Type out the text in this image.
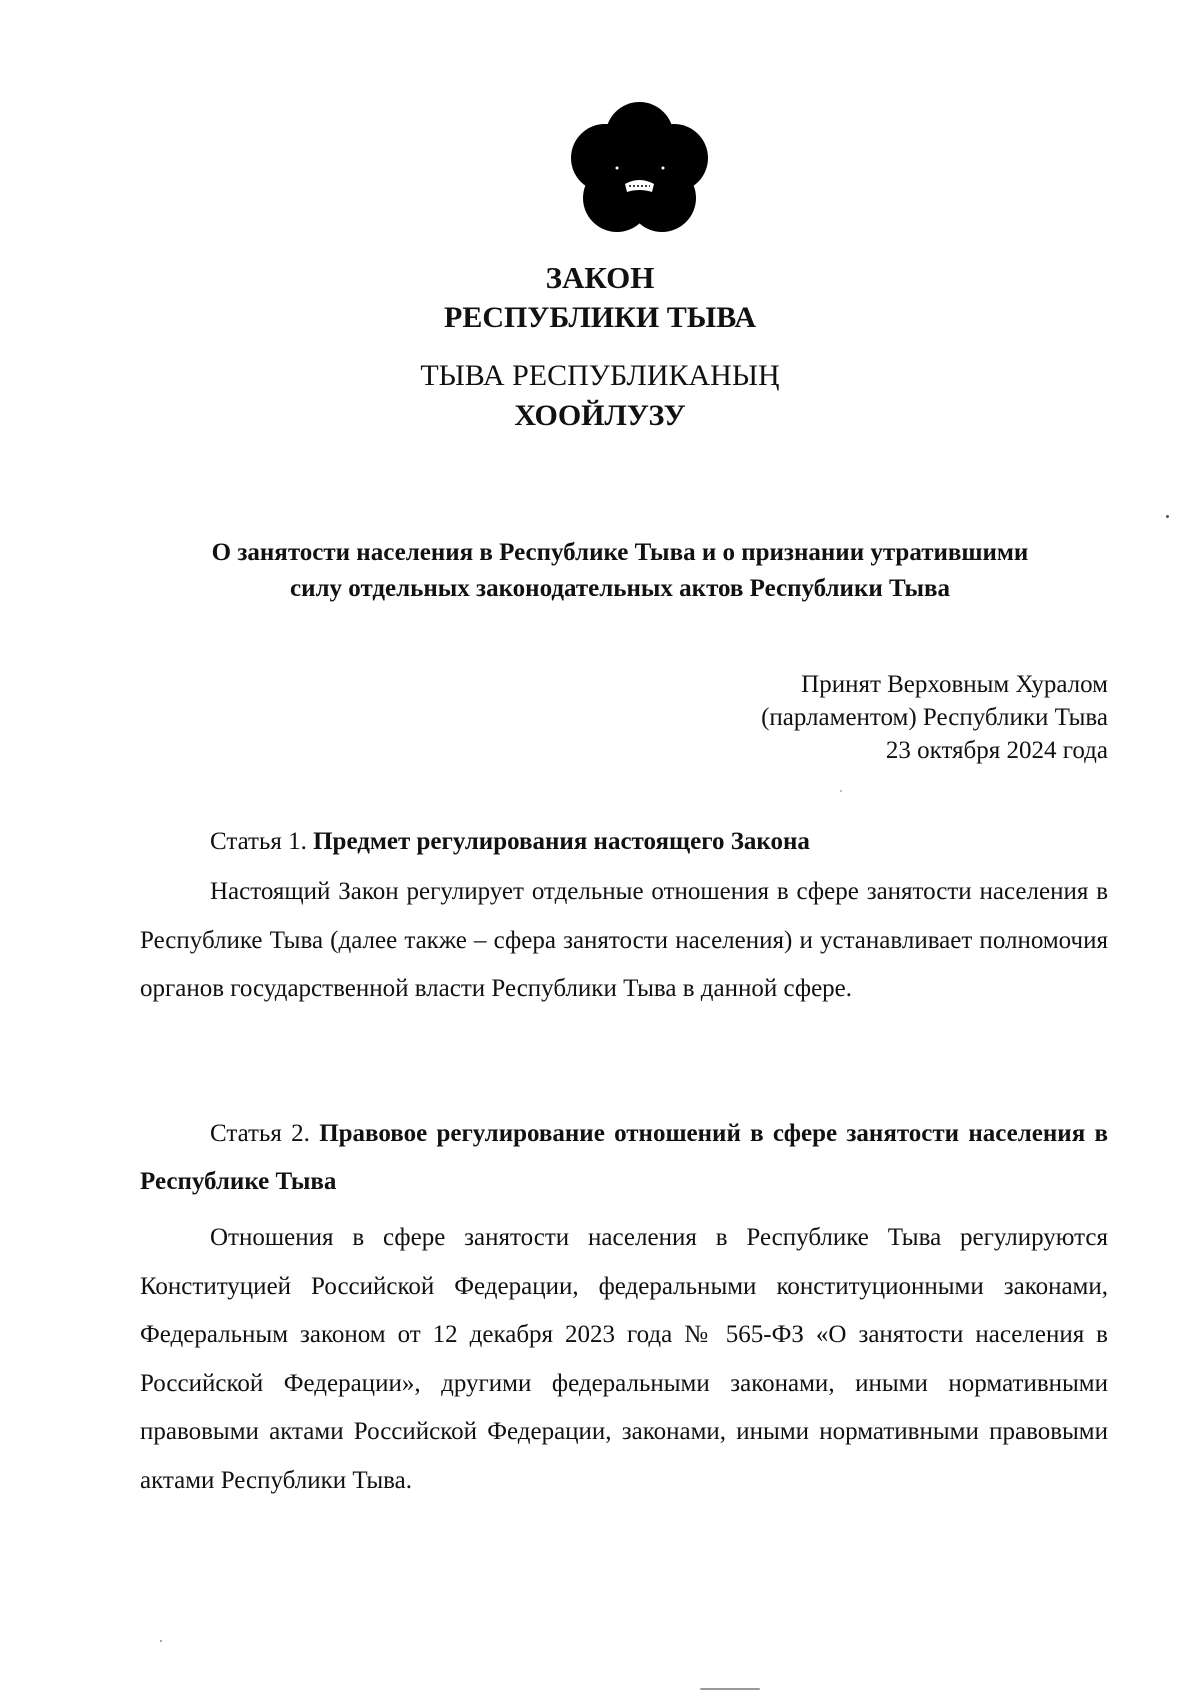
ЗАКОН
РЕСПУБЛИКИ ТЫВА
ТЫВА РЕСПУБЛИКАНЫҢ
ХООЙЛУЗУ
О занятости населения в Республике Тыва и о признании утратившими
силу отдельных законодательных актов Республики Тыва
Принят Верховным Хуралом
(парламентом) Республики Тыва
23 октября 2024 года
Статья 1. Предмет регулирования настоящего Закона
Настоящий Закон регулирует отдельные отношения в сфере занятости населения в Республике Тыва (далее также – сфера занятости населения) и устанавливает полномочия органов государственной власти Республики Тыва в данной сфере.
Статья 2. Правовое регулирование отношений в сфере занятости населения в Республике Тыва
Отношения в сфере занятости населения в Республике Тыва регулируются Конституцией Российской Федерации, федеральными конституционными законами, Федеральным законом от 12 декабря 2023 года № 565-ФЗ «О занятости населения в Российской Федерации», другими федеральными законами, иными нормативными правовыми актами Российской Федерации, законами, иными нормативными правовыми актами Республики Тыва.
